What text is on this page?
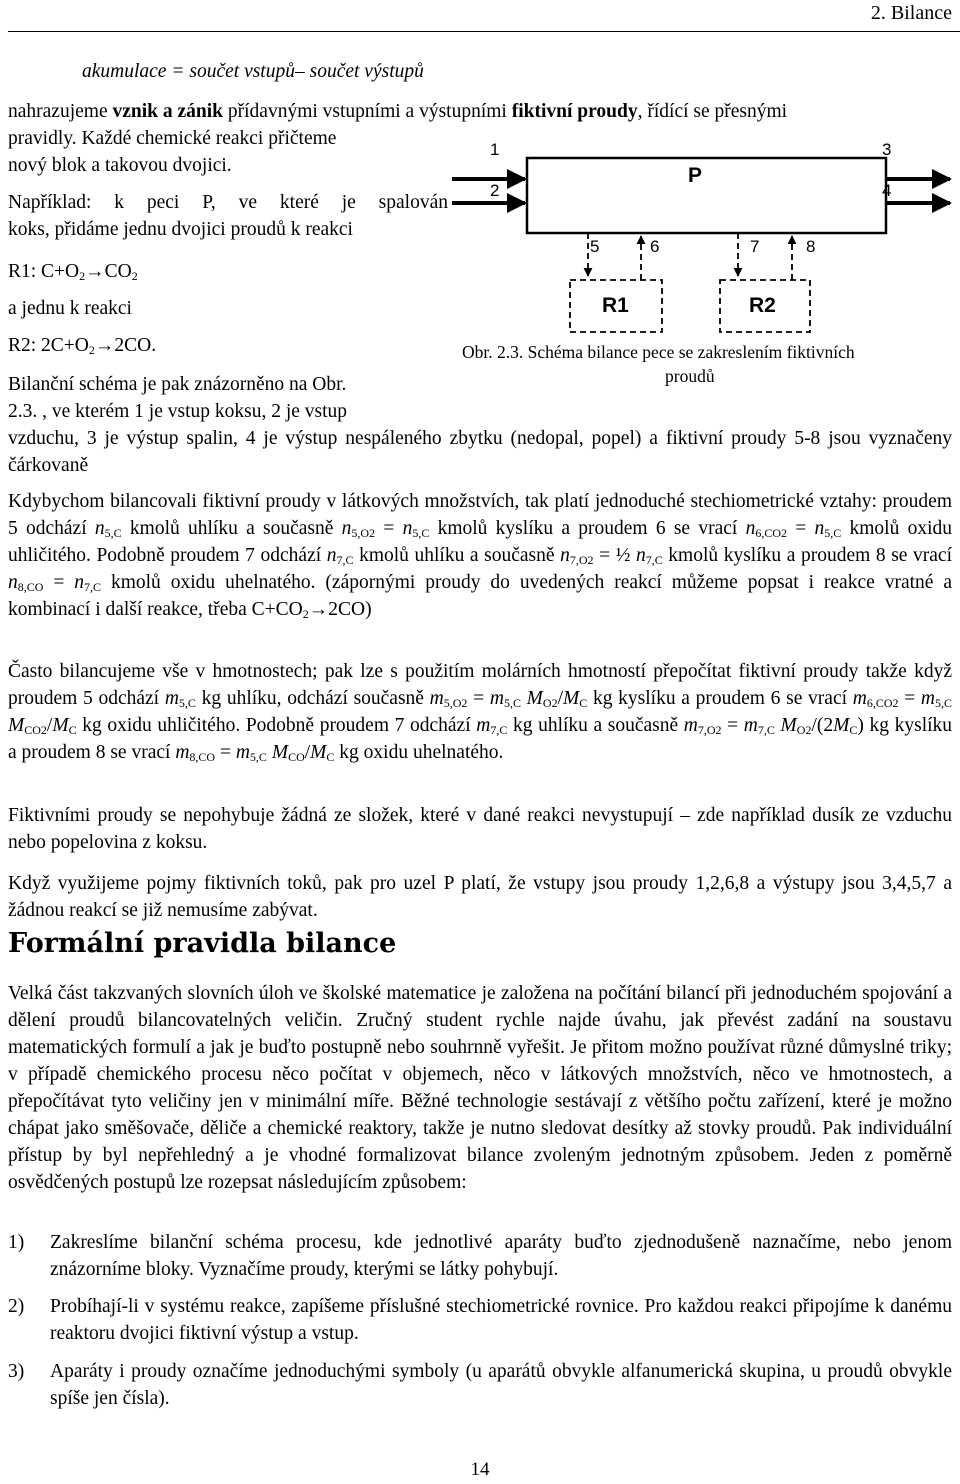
2. Bilance
akumulace = součet vstupů– součet výstupů
nahrazujeme vznik a zánik přídavnými vstupními a výstupními fiktivní proudy, řídící se přesnými
pravidly. Každé chemické reakci přičteme
nový blok a takovou dvojici.
Například: k peci P, ve které je spalován
koks, přidáme jednu dvojici proudů k reakci
R1: $C+O_2\to CO_2$
a jednu k reakci
R2: $2C+O_2\to 2CO$.
Bilanční schéma je pak znázorněno na Obr.
2.3. , ve kterém 1 je vstup koksu, 2 je vstup
P
1
2
3
4
5	6	7	8
R1	R2
Obr. 2.3. Schéma bilance pece se zakreslením fiktivních
proudů
vzduchu, 3 je výstup spalin, 4 je výstup nespáleného zbytku (nedopal, popel) a fiktivní proudy 5-8 jsou vyznačeny čárkovaně
Kdybychom bilancovali fiktivní proudy v látkových množstvích, tak platí jednoduché stechiometrické vztahy: proudem 5 odchází $n_{5,C}$ kmolů uhlíku a současně $n_{5,O2} = n_{5,C}$ kmolů kyslíku a proudem 6 se vrací $n_{6,CO2} = n_{5,C}$ kmolů oxidu uhličitého. Podobně proudem 7 odchází $n_{7,C}$ kmolů uhlíku a současně $n_{7,O2}$ = ½ $n_{7,C}$ kmolů kyslíku a proudem 8 se vrací $n_{8,CO} = n_{7,C}$ kmolů oxidu uhelnatého. (zápornými proudy do uvedených reakcí můžeme popsat i reakce vratné a kombinací i další reakce, třeba $C+CO_2\to 2CO$)
Často bilancujeme vše v hmotnostech; pak lze s použitím molárních hmotností přepočítat fiktivní proudy takže když proudem 5 odchází $m_{5,C}$ kg uhlíku, odchází současně $m_{5,O2} = m_{5,C}$ $M_{O2}/M_C$ kg kyslíku a proudem 6 se vrací $m_{6,CO2} = m_{5,C}$ $M_{CO2}/M_C$ kg oxidu uhličitého. Podobně proudem 7 odchází $m_{7,C}$ kg uhlíku a současně $m_{7,O2} = m_{7,C}$ $M_{O2}/(2M_C)$ kg kyslíku a proudem 8 se vrací $m_{8,CO} = m_{5,C}$ $M_{CO}/M_C$ kg oxidu uhelnatého.
Fiktivními proudy se nepohybuje žádná ze složek, které v dané reakci nevystupují – zde například dusík ze vzduchu nebo popelovina z koksu.
Když využijeme pojmy fiktivních toků, pak pro uzel P platí, že vstupy jsou proudy 1,2,6,8 a výstupy jsou 3,4,5,7 a žádnou reakcí se již nemusíme zabývat.
Formální pravidla bilance
Velká část takzvaných slovních úloh ve školské matematice je založena na počítání bilancí při jednoduchém spojování a dělení proudů bilancovatelných veličin. Zručný student rychle najde úvahu, jak převést zadání na soustavu matematických formulí a jak je buďto postupně nebo souhrnně vyřešit. Je přitom možno používat různé důmyslné triky; v případě chemického procesu něco počítat v objemech, něco v látkových množstvích, něco ve hmotnostech, a přepočítávat tyto veličiny jen v minimální míře. Běžné technologie sestávají z většího počtu zařízení, které je možno chápat jako směšovače, děliče a chemické reaktory, takže je nutno sledovat desítky až stovky proudů. Pak individuální přístup by byl nepřehledný a je vhodné formalizovat bilance zvoleným jednotným způsobem. Jeden z poměrně osvědčených postupů lze rozepsat následujícím způsobem:
1) Zakreslíme bilanční schéma procesu, kde jednotlivé aparáty buďto zjednodušeně naznačíme, nebo jenom znázorníme bloky. Vyznačíme proudy, kterými se látky pohybují.
2) Probíhají-li v systému reakce, zapíšeme příslušné stechiometrické rovnice. Pro každou reakci připojíme k danému reaktoru dvojici fiktivní výstup a vstup.
3) Aparáty i proudy označíme jednoduchými symboly (u aparátů obvykle alfanumerická skupina, u proudů obvykle spíše jen čísla).
14
